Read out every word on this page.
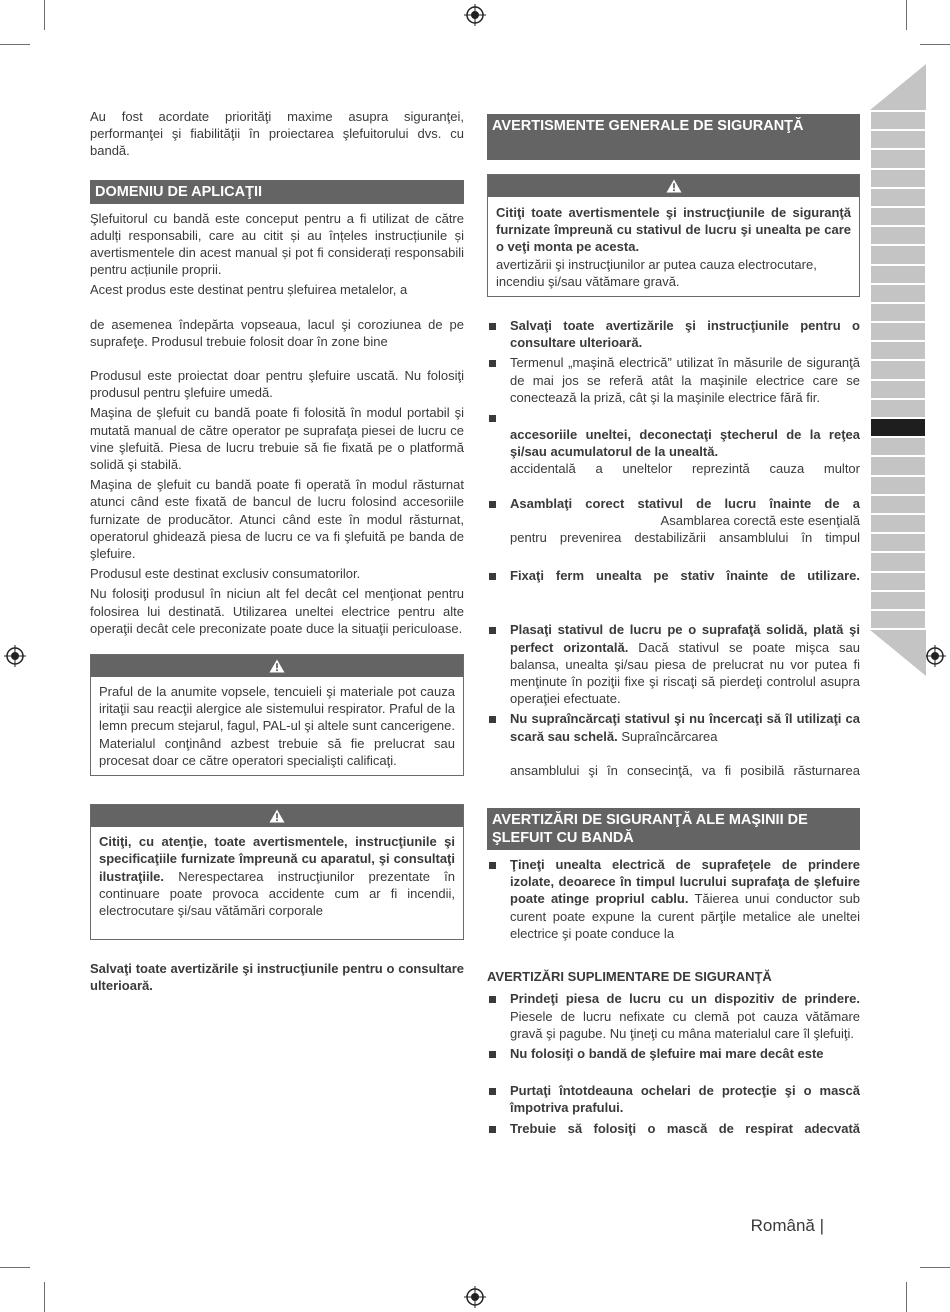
Au fost acordate priorităţi maxime asupra siguranţei, performanţei şi fiabilităţii în proiectarea şlefuitorului dvs. cu bandă.

DOMENIU DE APLICAŢII

Şlefuitorul cu bandă este conceput pentru a fi utilizat de către adulți responsabili, care au citit și au înțeles instrucțiunile și avertismentele din acest manual și pot fi considerați responsabili pentru acțiunile proprii.

Acest produs este destinat pentru șlefuirea metalelor, a

de asemenea îndepărta vopseaua, lacul şi coroziunea de pe suprafeţe. Produsul trebuie folosit doar în zone bine

Produsul este proiectat doar pentru şlefuire uscată. Nu folosiţi produsul pentru şlefuire umedă.

Maşina de şlefuit cu bandă poate fi folosită în modul portabil şi mutată manual de către operator pe suprafaţa piesei de lucru ce vine şlefuită. Piesa de lucru trebuie să fie fixată pe o platformă solidă şi stabilă.

Maşina de şlefuit cu bandă poate fi operată în modul răsturnat atunci când este fixată de bancul de lucru folosind accesoriile furnizate de producător. Atunci când este în modul răsturnat, operatorul ghidează piesa de lucru ce va fi şlefuită pe banda de şlefuire.

Produsul este destinat exclusiv consumatorilor.

Nu folosiţi produsul în niciun alt fel decât cel menţionat pentru folosirea lui destinată. Utilizarea uneltei electrice pentru alte operaţii decât cele preconizate poate duce la situaţii periculoase.

Praful de la anumite vopsele, tencuieli şi materiale pot cauza iritaţii sau reacţii alergice ale sistemului respirator. Praful de la lemn precum stejarul, fagul, PAL-ul şi altele sunt cancerigene. Materialul conţinând azbest trebuie să fie prelucrat sau procesat doar ce către operatori specialişti calificaţi.

Citiţi, cu atenţie, toate avertismentele, instrucţiunile şi specificaţiile furnizate împreună cu aparatul, şi consultaţi ilustraţiile. Nerespectarea instrucţiunilor prezentate în continuare poate provoca accidente cum ar fi incendii, electrocutare şi/sau vătămări corporale

Salvaţi toate avertizările şi instrucţiunile pentru o consultare ulterioară.

AVERTISMENTE GENERALE DE SIGURANŢĂ

Citiţi toate avertismentele şi instrucţiunile de siguranţă furnizate împreună cu stativul de lucru şi unealta pe care o veţi monta pe acesta.

avertizării şi instrucţiunilor ar putea cauza electrocutare, incendiu şi/sau vătămare gravă.

Salvaţi toate avertizările şi instrucţiunile pentru o consultare ulterioară.
Termenul „maşină electrică” utilizat în măsurile de siguranţă de mai jos se referă atât la maşinile electrice care se conectează la priză, cât şi la maşinile electrice fără fir.
accesoriile uneltei, deconectaţi ştecherul de la reţea şi/sau acumulatorul de la unealtă.

accidentală a uneltelor reprezintă cauza multor
Asamblaţi corect stativul de lucru înainte de a
Asamblarea corectă este esenţială
pentru prevenirea destabilizării ansamblului în timpul
Fixaţi ferm unealta pe stativ înainte de utilizare.
Plasaţi stativul de lucru pe o suprafaţă solidă, plată şi perfect orizontală. Dacă stativul se poate mişca sau balansa, unealta şi/sau piesa de prelucrat nu vor putea fi menţinute în poziţii fixe şi riscaţi să pierdeţi controlul asupra operaţiei efectuate.
Nu supraîncărcaţi stativul şi nu încercaţi să îl utilizaţi ca scară sau schelă. Supraîncărcarea
ansamblului şi în consecinţă, va fi posibilă răsturnarea
AVERTIZĂRI DE SIGURANŢĂ ALE MAŞINII DE ŞLEFUIT CU BANDĂ
Ţineţi unealta electrică de suprafeţele de prindere izolate, deoarece în timpul lucrului suprafaţa de şlefuire poate atinge propriul cablu. Tăierea unui conductor sub curent poate expune la curent părţile metalice ale uneltei electrice şi poate conduce la
AVERTIZĂRI SUPLIMENTARE DE SIGURANŢĂ
Prindeţi piesa de lucru cu un dispozitiv de prindere. Piesele de lucru nefixate cu clemă pot cauza vătămare gravă şi pagube. Nu ţineţi cu mâna materialul care îl şlefuiţi.
Nu folosiţi o bandă de şlefuire mai mare decât este
Purtaţi întotdeauna ochelari de protecţie şi o mască împotriva prafului.
Trebuie să folosiţi o mască de respirat adecvată
Română |
